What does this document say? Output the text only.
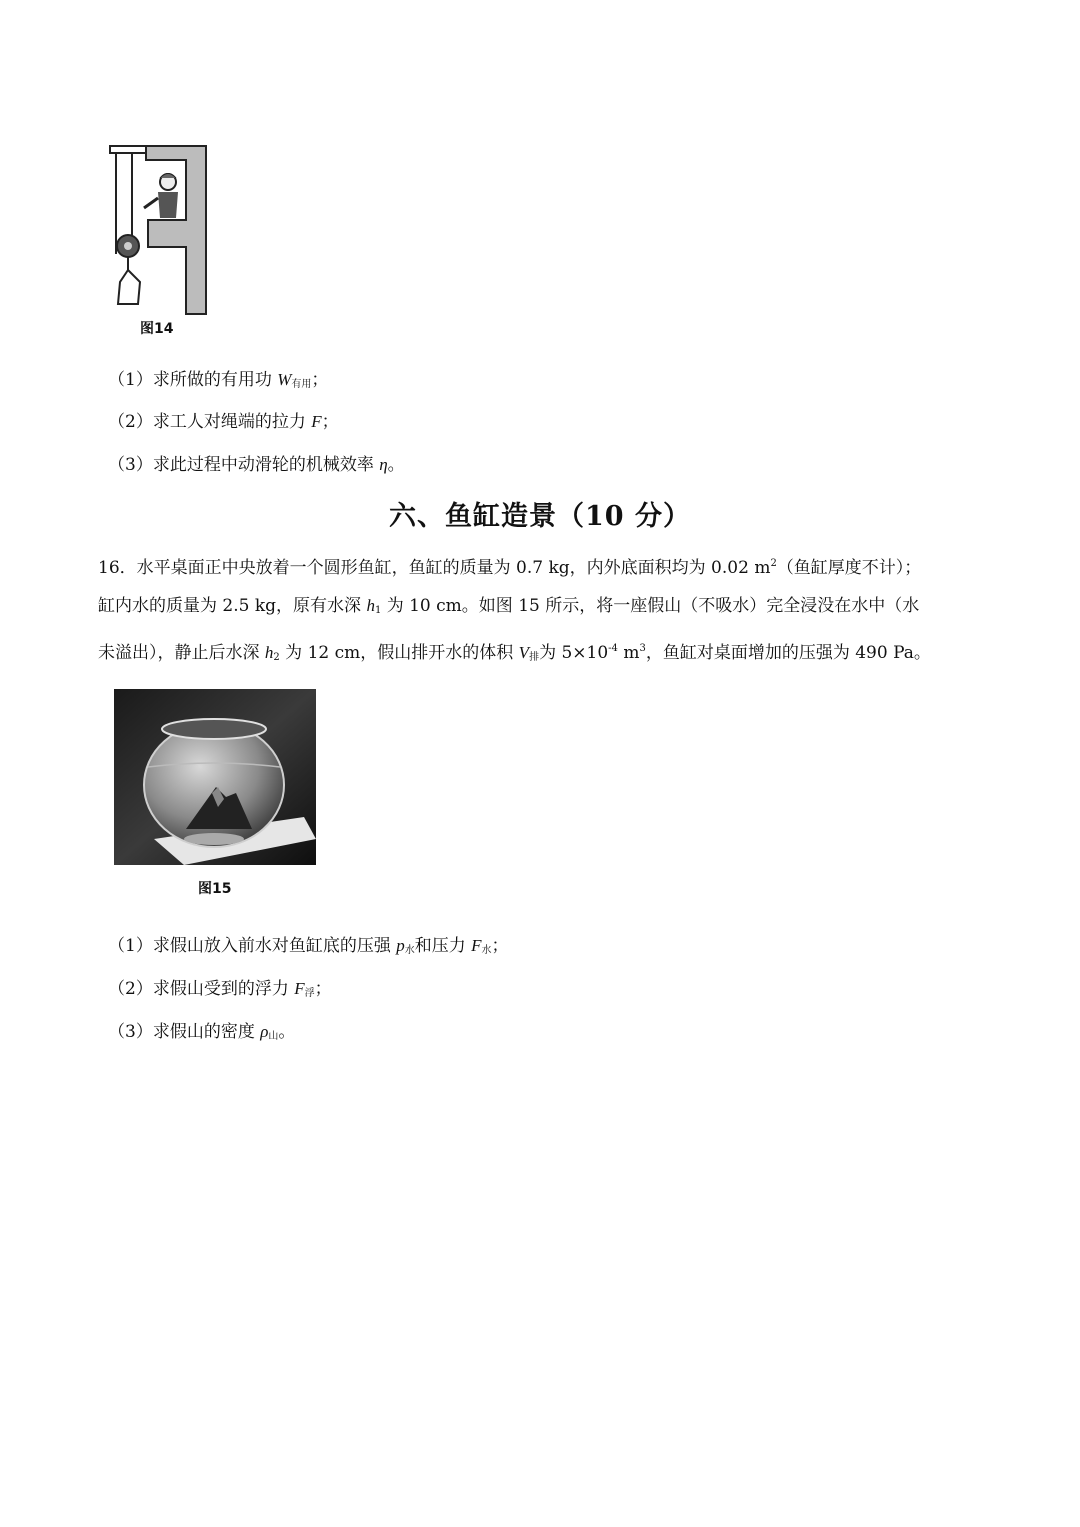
图14
（1）求所做的有用功 $W_{有用}$；
（2）求工人对绳端的拉力 F；
（3）求此过程中动滑轮的机械效率 η。
六、鱼缸造景（10 分）
16．水平桌面正中央放着一个圆形鱼缸，鱼缸的质量为 0.7 kg，内外底面积均为 0.02 $m^2$（鱼缸厚度不计）；
缸内水的质量为 2.5 kg，原有水深 $h_1$ 为 10 cm。如图 15 所示，将一座假山（不吸水）完全浸没在水中（水
未溢出），静止后水深 $h_2$ 为 12 cm，假山排开水的体积 $V_排$为 $5\times 10^{-4}$ $m^3$，鱼缸对桌面增加的压强为 490 Pa。
图15
（1）求假山放入前水对鱼缸底的压强 $p_水$和压力 $F_水$；
（2）求假山受到的浮力 $F_浮$；
（3）求假山的密度 $\rho_山$。
